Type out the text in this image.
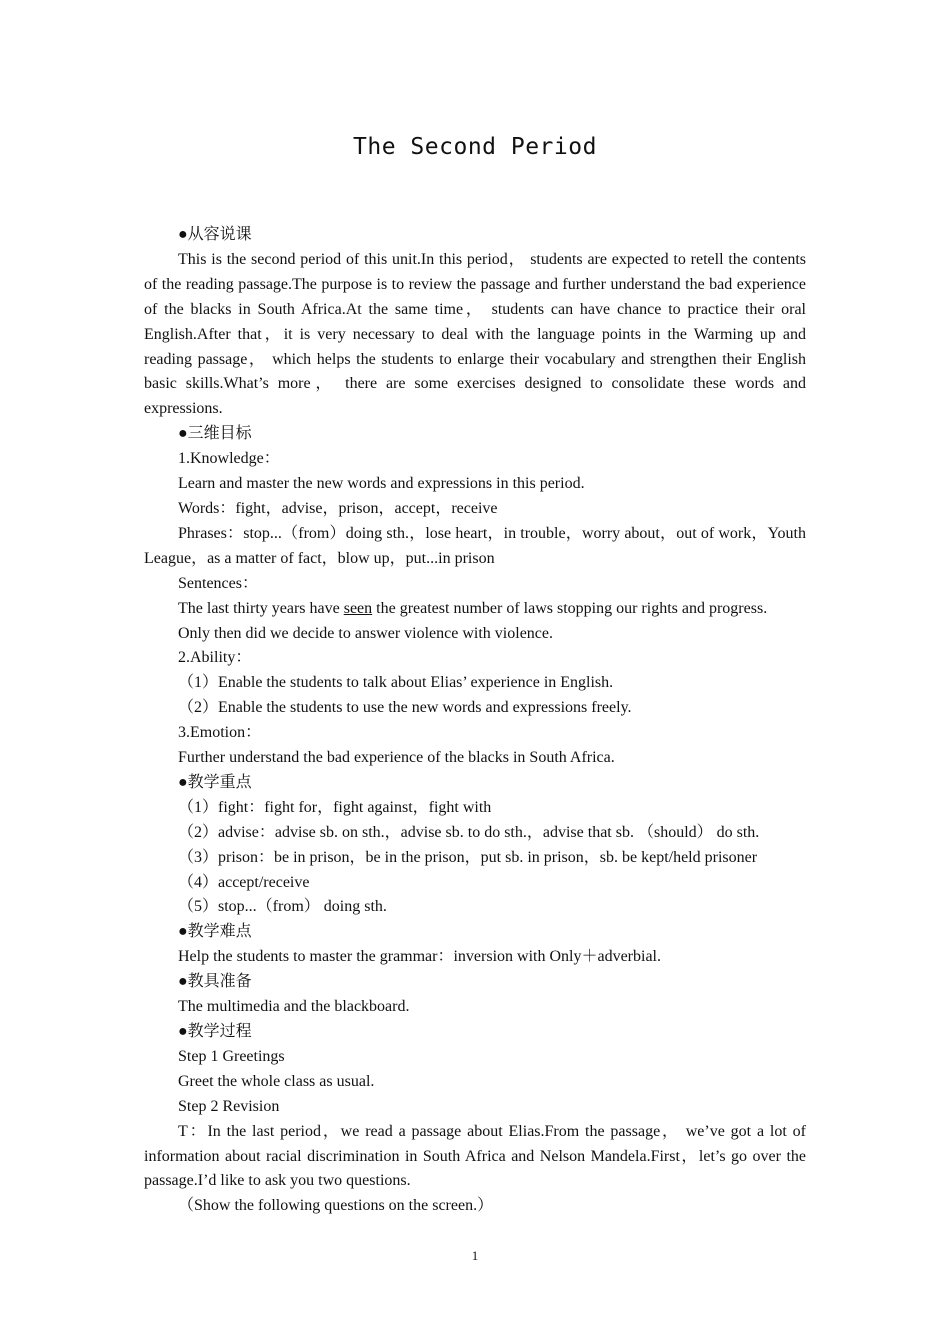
The Second Period

●从容说课

This is the second period of this unit.In this period， students are expected to retell the contents of the reading passage.The purpose is to review the passage and further understand the bad experience of the blacks in South Africa.At the same time， students can have chance to practice their oral English.After that，it is very necessary to deal with the language points in the Warming up and reading passage， which helps the students to enlarge their vocabulary and strengthen their English basic skills.What’s more， there are some exercises designed to consolidate these words and expressions.

●三维目标

1.Knowledge：

Learn and master the new words and expressions in this period.

Words：fight，advise，prison，accept，receive

Phrases：stop...（from）doing sth.，lose heart，in trouble，worry about，out of work，Youth League，as a matter of fact，blow up，put...in prison

Sentences：

The last thirty years have seen the greatest number of laws stopping our rights and progress.

Only then did we decide to answer violence with violence.

2.Ability：

（1）Enable the students to talk about Elias’ experience in English.

（2）Enable the students to use the new words and expressions freely.

3.Emotion：

Further understand the bad experience of the blacks in South Africa.

●教学重点

（1）fight：fight for，fight against，fight with

（2）advise：advise sb. on sth.，advise sb. to do sth.，advise that sb. （should） do sth.

（3）prison：be in prison，be in the prison，put sb. in prison，sb. be kept/held prisoner

（4）accept/receive

（5）stop...（from） doing sth.

●教学难点

Help the students to master the grammar：inversion with Only＋adverbial.

●教具准备

The multimedia and the blackboard.

●教学过程

Step 1 Greetings

Greet the whole class as usual.

Step 2 Revision

T：In the last period，we read a passage about Elias.From the passage， we’ve got a lot of information about racial discrimination in South Africa and Nelson Mandela.First，let’s go over the passage.I’d like to ask you two questions.

（Show the following questions on the screen.）

1
